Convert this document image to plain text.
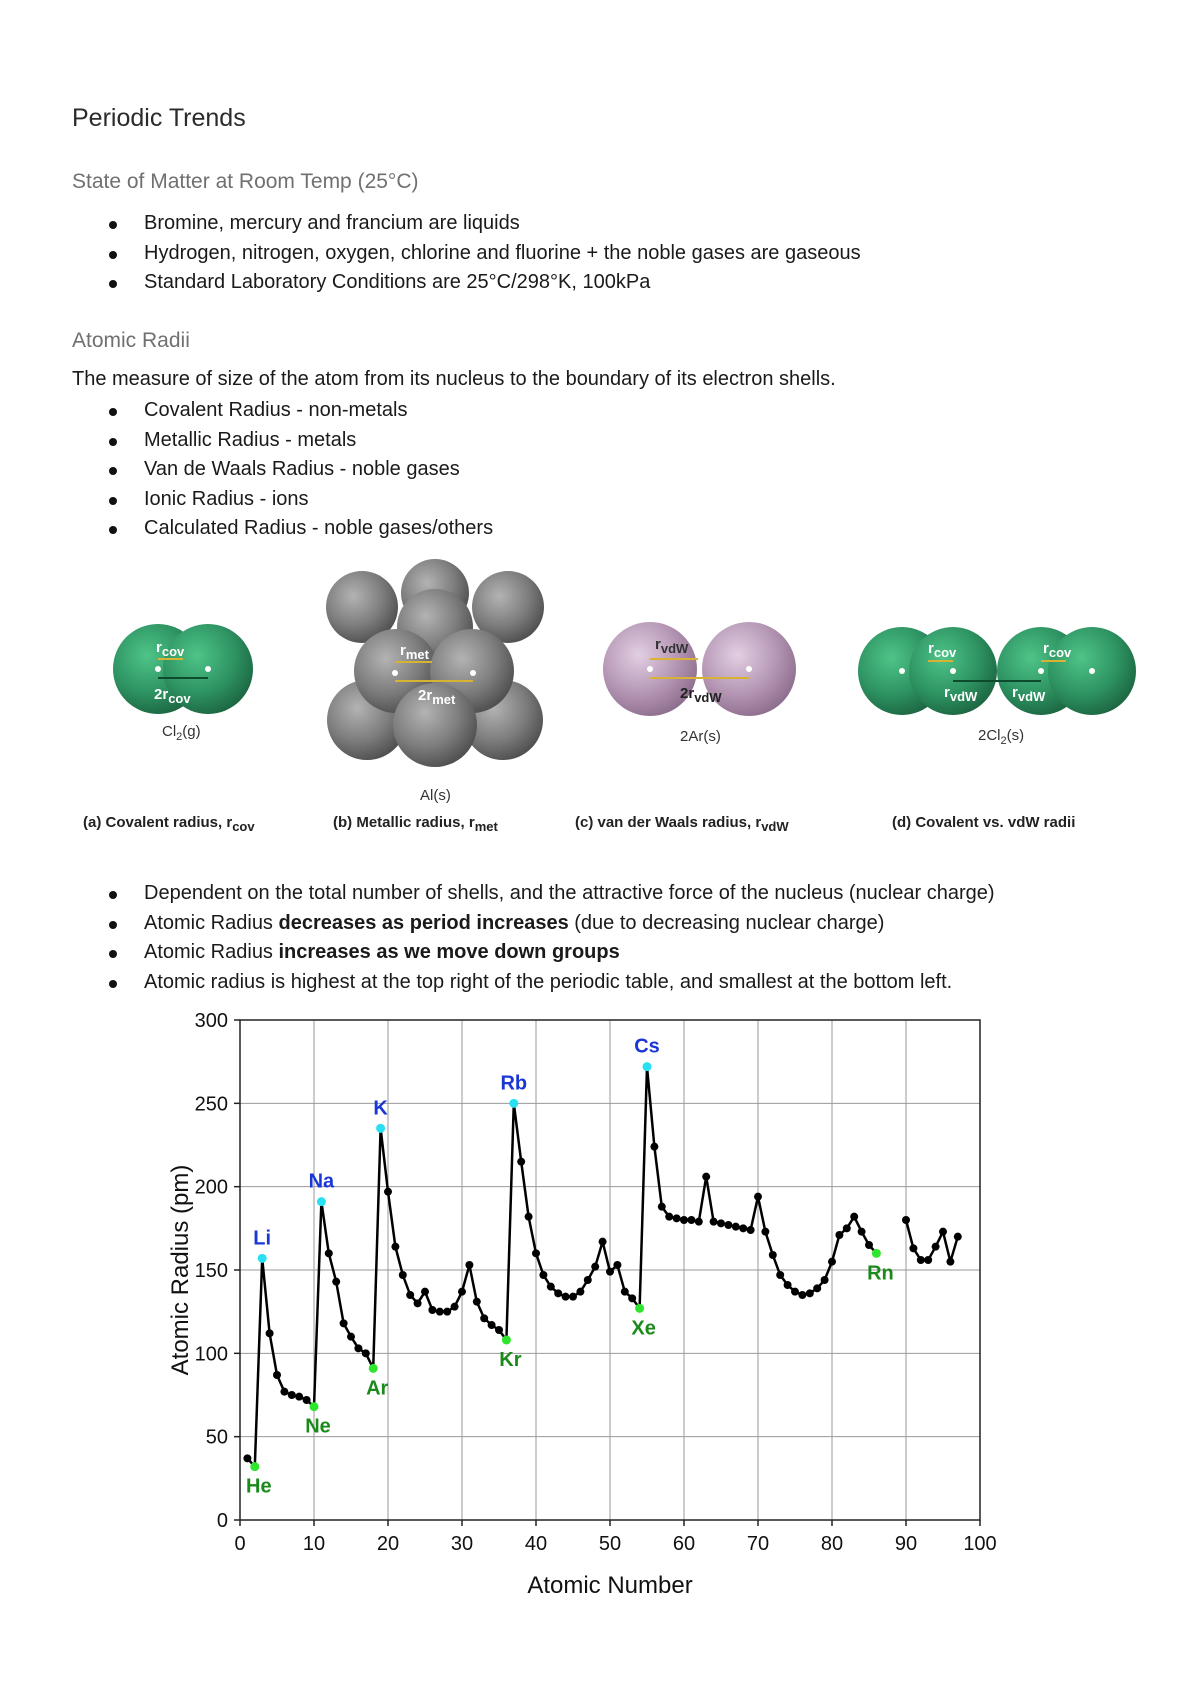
Periodic Trends
State of Matter at Room Temp (25°C)
Bromine, mercury and francium are liquids
Hydrogen, nitrogen, oxygen, chlorine and fluorine + the noble gases are gaseous
Standard Laboratory Conditions are 25°C/298°K, 100kPa
Atomic Radii
The measure of size of the atom from its nucleus to the boundary of its electron shells.
Covalent Radius - non-metals
Metallic Radius - metals
Van de Waals Radius - noble gases
Ionic Radius - ions
Calculated Radius - noble gases/others
rcov
2rcov
$Cl_2(g)$
(a) Covalent radius, rcov
rmet
2rmet
Al(s)
(b) Metallic radius, rmet
rvdW
2rvdW
2Ar(s)
(c) van der Waals radius, rvdW
rcov	rcov
rvdW rvdW
$2Cl_2(s)$
(d) Covalent vs. vdW radii
Dependent on the total number of shells, and the attractive force of the nucleus (nuclear charge)
Atomic Radius decreases as period increases (due to decreasing nuclear charge)
Atomic Radius increases as we move down groups
Atomic radius is highest at the top right of the periodic table, and smallest at the bottom left.
0	10	20	30	40	50	60	70	80	90 100
0
50
100
150
200
250
300
Atomic Number
Atomic Radius (pm)
He
Li
Ne
Na
Ar
K
Kr
Rb
Xe
Cs
Rn
